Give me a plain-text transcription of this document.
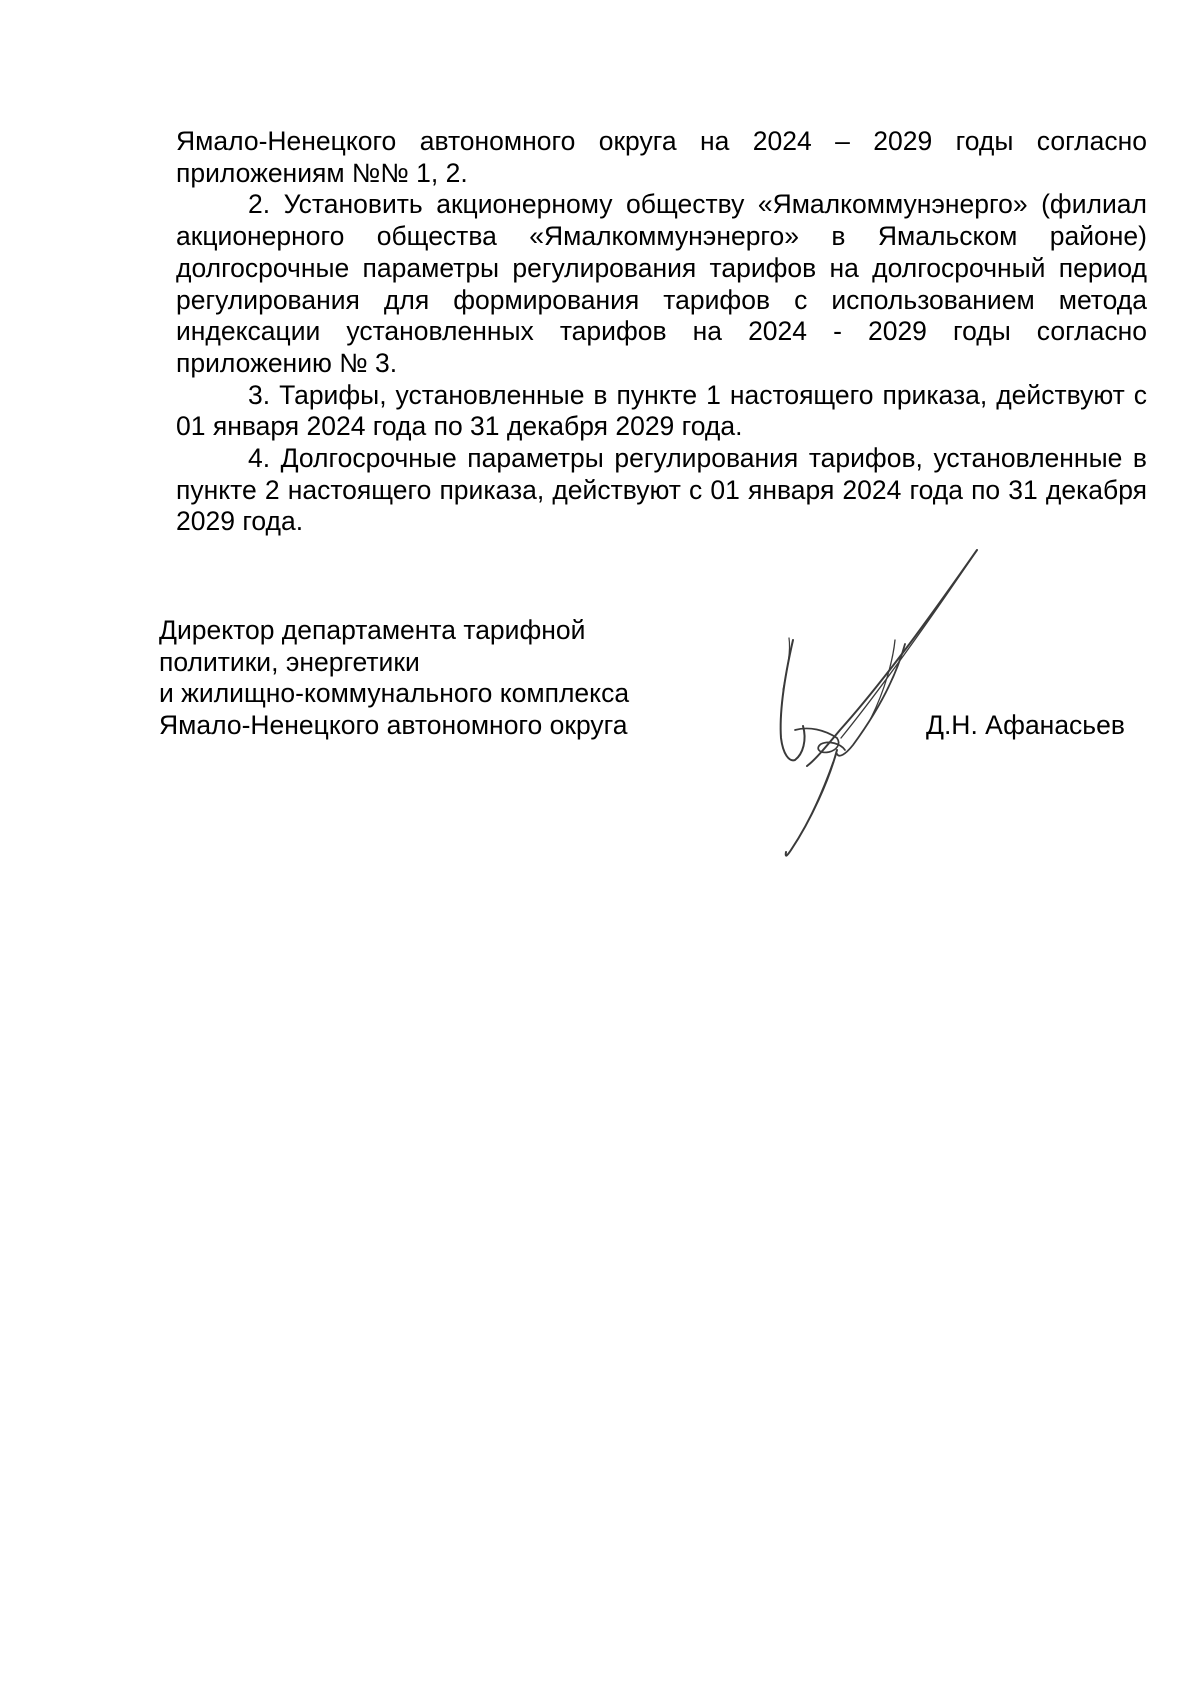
Ямало-Ненецкого автономного округа на 2024 – 2029 годы согласно приложениям №№ 1, 2.

2. Установить акционерному обществу «Ямалкоммунэнерго» (филиал акционерного общества «Ямалкоммунэнерго» в Ямальском районе) долгосрочные параметры регулирования тарифов на долгосрочный период регулирования для формирования тарифов с использованием метода индексации установленных тарифов на 2024 - 2029 годы согласно приложению № 3.

3. Тарифы, установленные в пункте 1 настоящего приказа, действуют с 01 января 2024 года по 31 декабря 2029 года.

4. Долгосрочные параметры регулирования тарифов, установленные в пункте 2 настоящего приказа, действуют с 01 января 2024 года по 31 декабря 2029 года.

Директор департамента тарифной
политики, энергетики
и жилищно-коммунального комплекса
Ямало-Ненецкого автономного округа	Д.Н. Афанасьев
